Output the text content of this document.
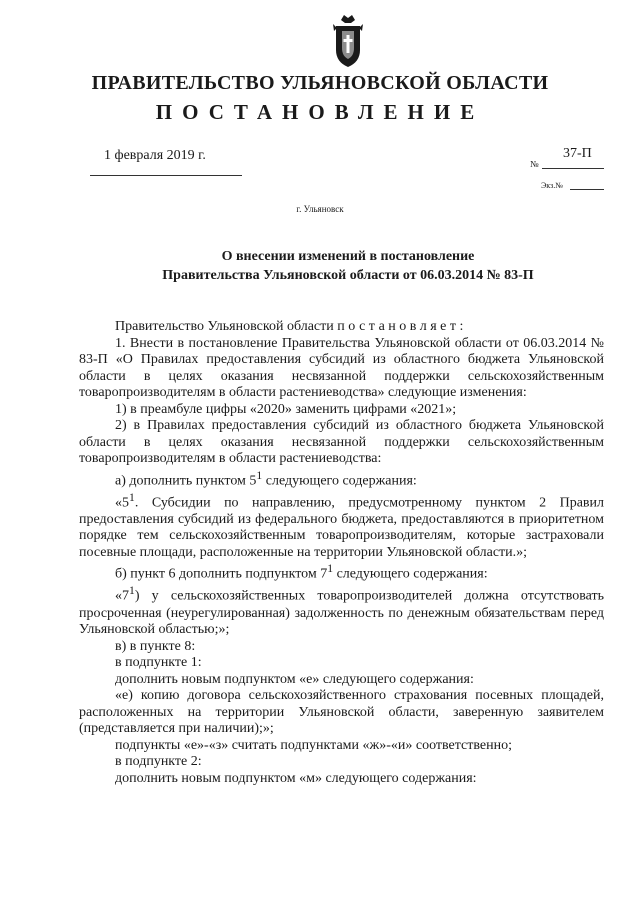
ПРАВИТЕЛЬСТВО УЛЬЯНОВСКОЙ ОБЛАСТИ
ПОСТАНОВЛЕНИЕ
1 февраля 2019 г.
№
37-П
Экз.№
г. Ульяновск
О внесении изменений в постановление
Правительства Ульяновской области от 06.03.2014 № 83-П

Правительство Ульяновской области постановляет:

1. Внести в постановление Правительства Ульяновской области от 06.03.2014 № 83-П «О Правилах предоставления субсидий из областного бюджета Ульяновской области в целях оказания несвязанной поддержки сельскохозяйственным товаропроизводителям в области растениеводства» следующие изменения:

1) в преамбуле цифры «2020» заменить цифрами «2021»;

2) в Правилах предоставления субсидий из областного бюджета Ульяновской области в целях оказания несвязанной поддержки сельскохозяйственным товаропроизводителям в области растениеводства:

а) дополнить пунктом $5^1$ следующего содержания:

«$5^1$. Субсидии по направлению, предусмотренному пунктом 2 Правил предоставления субсидий из федерального бюджета, предоставляются в приоритетном порядке тем сельскохозяйственным товаропроизводителям, которые застраховали посевные площади, расположенные на территории Ульяновской области.»;

б) пункт 6 дополнить подпунктом $7^1$ следующего содержания:

«$7^1$) у сельскохозяйственных товаропроизводителей должна отсутствовать просроченная (неурегулированная) задолженность по денежным обязательствам перед Ульяновской областью;»;

в) в пункте 8:

в подпункте 1:

дополнить новым подпунктом «е» следующего содержания:

«е) копию договора сельскохозяйственного страхования посевных площадей, расположенных на территории Ульяновской области, заверенную заявителем (представляется при наличии);»;

подпункты «е»-«з» считать подпунктами «ж»-«и» соответственно;

в подпункте 2:

дополнить новым подпунктом «м» следующего содержания:
